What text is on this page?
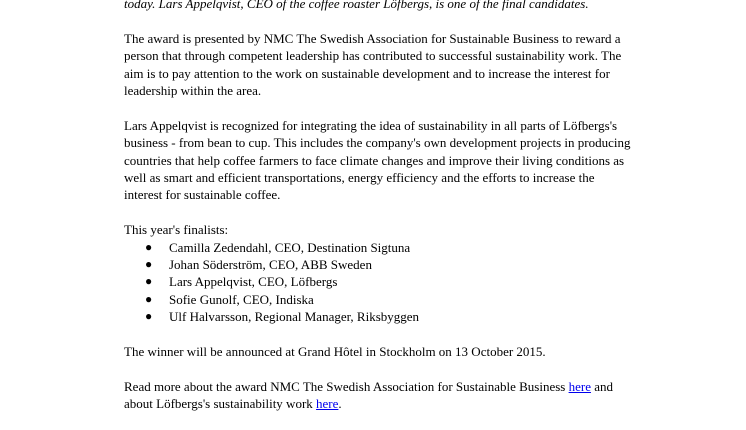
today. Lars Appelqvist, CEO of the coffee roaster Löfbergs, is one of the final candidates.

The award is presented by NMC The Swedish Association for Sustainable Business to reward a person that through competent leadership has contributed to successful sustainability work. The aim is to pay attention to the work on sustainable development and to increase the interest for leadership within the area.

Lars Appelqvist is recognized for integrating the idea of sustainability in all parts of Löfbergs's business - from bean to cup. This includes the company's own development projects in producing countries that help coffee farmers to face climate changes and improve their living conditions as well as smart and efficient transportations, energy efficiency and the efforts to increase the interest for sustainable coffee.

This year's finalists:

● Camilla Zedendahl, CEO, Destination Sigtuna
● Johan Söderström, CEO, ABB Sweden
● Lars Appelqvist, CEO, Löfbergs
● Sofie Gunolf, CEO, Indiska
● Ulf Halvarsson, Regional Manager, Riksbyggen

The winner will be announced at Grand Hôtel in Stockholm on 13 October 2015.

Read more about the award NMC The Swedish Association for Sustainable Business here and about Löfbergs's sustainability work here.
